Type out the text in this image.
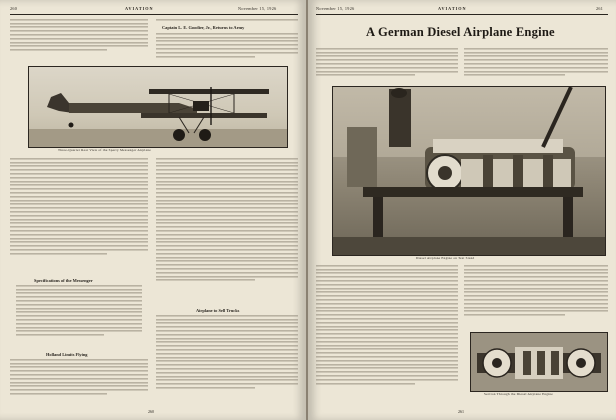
260	AVIATION	November 15, 1926
Captain L. E. Goodier, Jr., Returns to Army
Three-Quarter Rear View of the Sperry Messenger Airplane
Specifications of the Messenger
Holland Limits Flying
Airplane to Sell Trucks
260
November 15, 1926	AVIATION	261
A German Diesel Airplane Engine
Diesel Airplane Engine on Test Stand
Section Through the Diesel Airplane Engine
261
